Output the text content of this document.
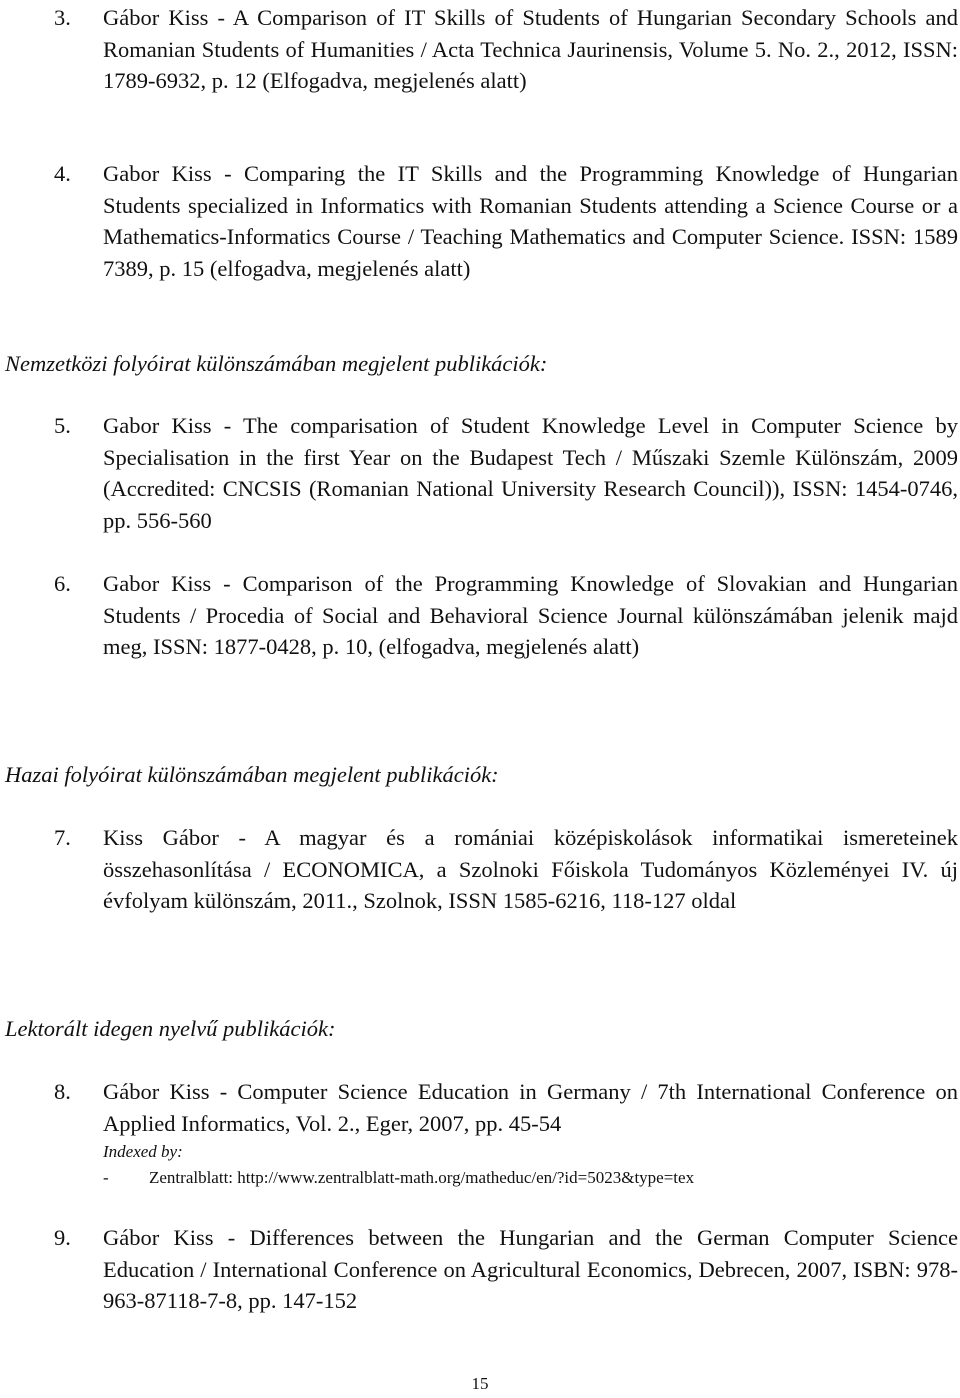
3. Gábor Kiss - A Comparison of IT Skills of Students of Hungarian Secondary Schools and Romanian Students of Humanities / Acta Technica Jaurinensis, Volume 5. No. 2., 2012, ISSN: 1789-6932, p. 12 (Elfogadva, megjelenés alatt)
4. Gabor Kiss - Comparing the IT Skills and the Programming Knowledge of Hungarian Students specialized in Informatics with Romanian Students attending a Science Course or a Mathematics-Informatics Course / Teaching Mathematics and Computer Science. ISSN: 1589 7389, p. 15 (elfogadva, megjelenés alatt)
Nemzetközi folyóirat különszámában megjelent publikációk:
5. Gabor Kiss - The comparisation of Student Knowledge Level in Computer Science by Specialisation in the first Year on the Budapest Tech / Műszaki Szemle Különszám, 2009 (Accredited: CNCSIS (Romanian National University Research Council)), ISSN: 1454-0746, pp. 556-560
6. Gabor Kiss - Comparison of the Programming Knowledge of Slovakian and Hungarian Students / Procedia of Social and Behavioral Science Journal különszámában jelenik majd meg, ISSN: 1877-0428, p. 10, (elfogadva, megjelenés alatt)
Hazai folyóirat különszámában megjelent publikációk:
7. Kiss Gábor - A magyar és a romániai középiskolások informatikai ismereteinek összehasonlítása / ECONOMICA, a Szolnoki Főiskola Tudományos Közleményei IV. új évfolyam különszám, 2011., Szolnok, ISSN 1585-6216, 118-127 oldal
Lektorált idegen nyelvű publikációk:
8. Gábor Kiss - Computer Science Education in Germany / 7th International Conference on Applied Informatics, Vol. 2., Eger, 2007, pp. 45-54
Indexed by:
- Zentralblatt: http://www.zentralblatt-math.org/matheduc/en/?id=5023&type=tex
9. Gábor Kiss - Differences between the Hungarian and the German Computer Science Education / International Conference on Agricultural Economics, Debrecen, 2007, ISBN: 978-963-87118-7-8, pp. 147-152
15
